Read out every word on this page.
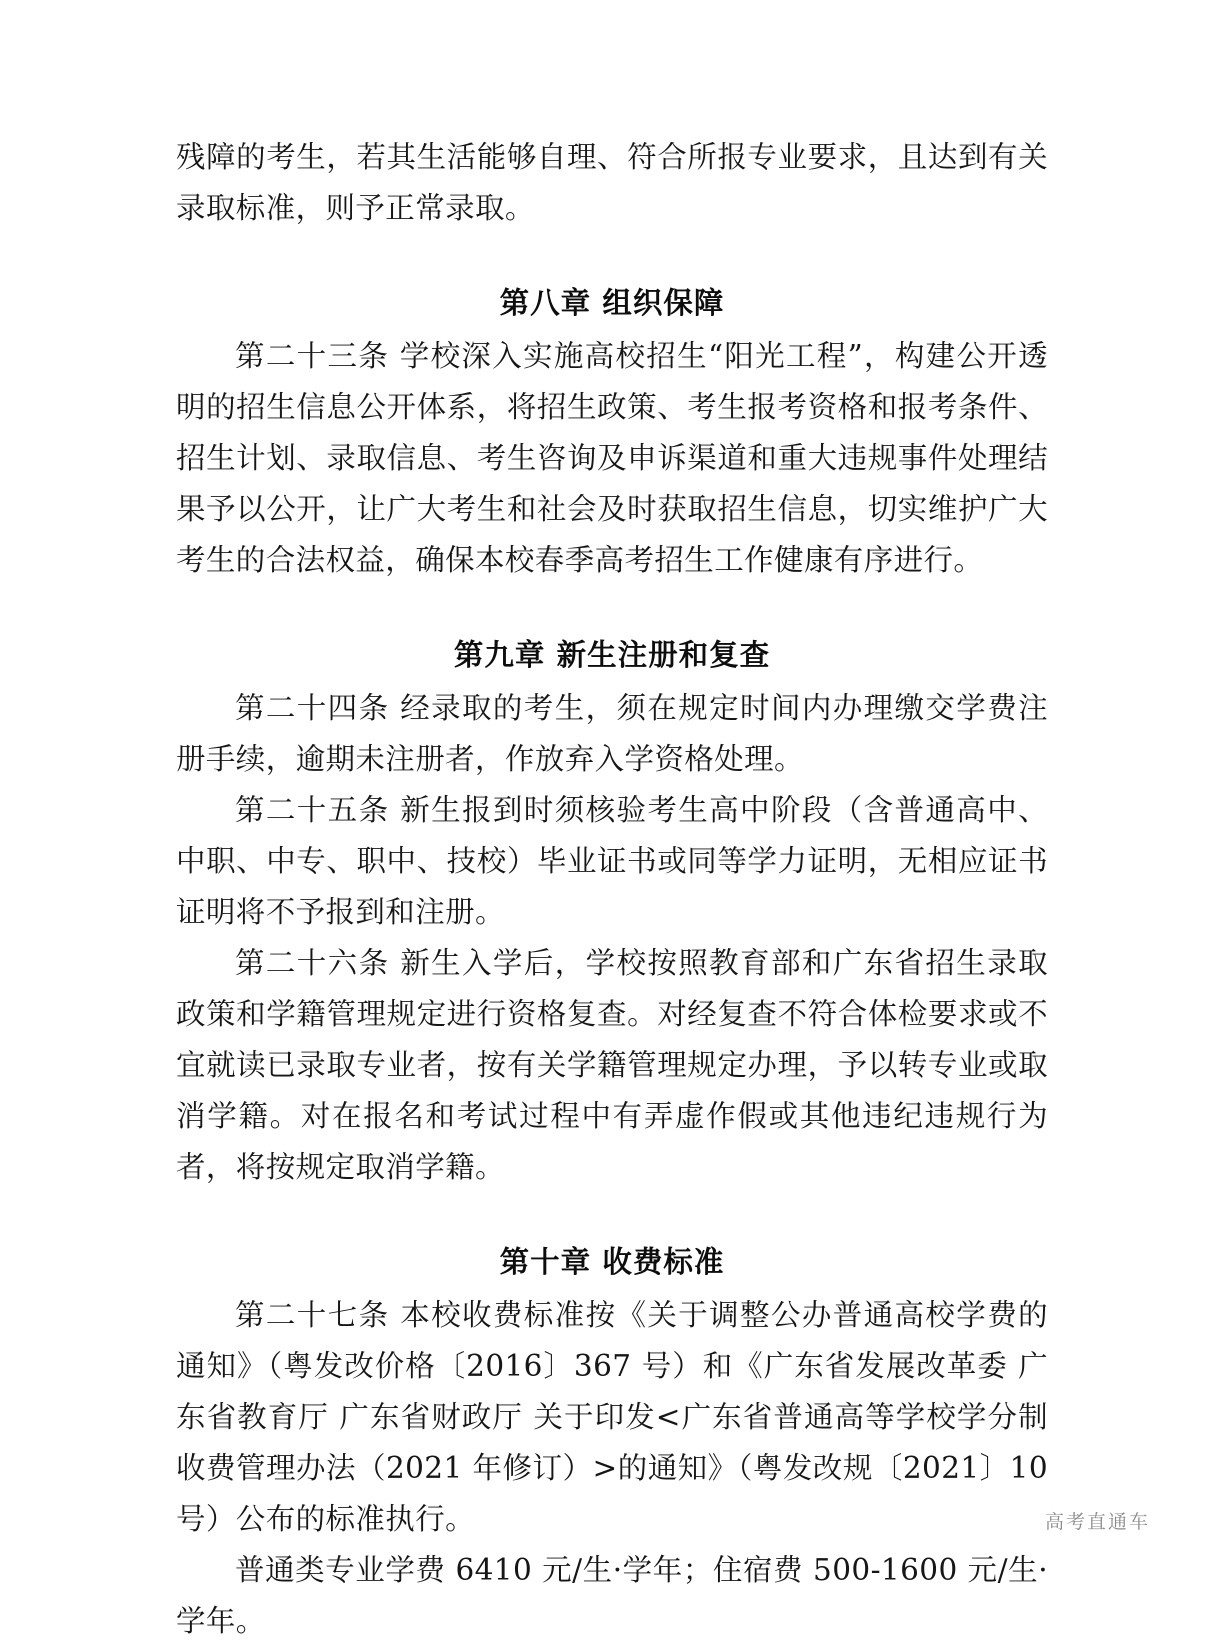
残障的考生，若其生活能够自理、符合所报专业要求，且达到有关录取标准，则予正常录取。

第八章 组织保障

第二十三条 学校深入实施高校招生“阳光工程”，构建公开透明的招生信息公开体系，将招生政策、考生报考资格和报考条件、招生计划、录取信息、考生咨询及申诉渠道和重大违规事件处理结果予以公开，让广大考生和社会及时获取招生信息，切实维护广大考生的合法权益，确保本校春季高考招生工作健康有序进行。

第九章 新生注册和复查

第二十四条 经录取的考生，须在规定时间内办理缴交学费注册手续，逾期未注册者，作放弃入学资格处理。

第二十五条 新生报到时须核验考生高中阶段（含普通高中、中职、中专、职中、技校）毕业证书或同等学力证明，无相应证书证明将不予报到和注册。

第二十六条 新生入学后，学校按照教育部和广东省招生录取政策和学籍管理规定进行资格复查。对经复查不符合体检要求或不宜就读已录取专业者，按有关学籍管理规定办理，予以转专业或取消学籍。对在报名和考试过程中有弄虚作假或其他违纪违规行为者，将按规定取消学籍。

第十章 收费标准

第二十七条 本校收费标准按《关于调整公办普通高校学费的通知》（粤发改价格〔2016〕367 号）和《广东省发展改革委 广东省教育厅 广东省财政厅 关于印发<广东省普通高等学校学分制收费管理办法（2021 年修订）>的通知》（粤发改规〔2021〕10 号）公布的标准执行。

普通类专业学费 6410 元/生·学年；住宿费 500-1600 元/生·学年。

高考直通车
